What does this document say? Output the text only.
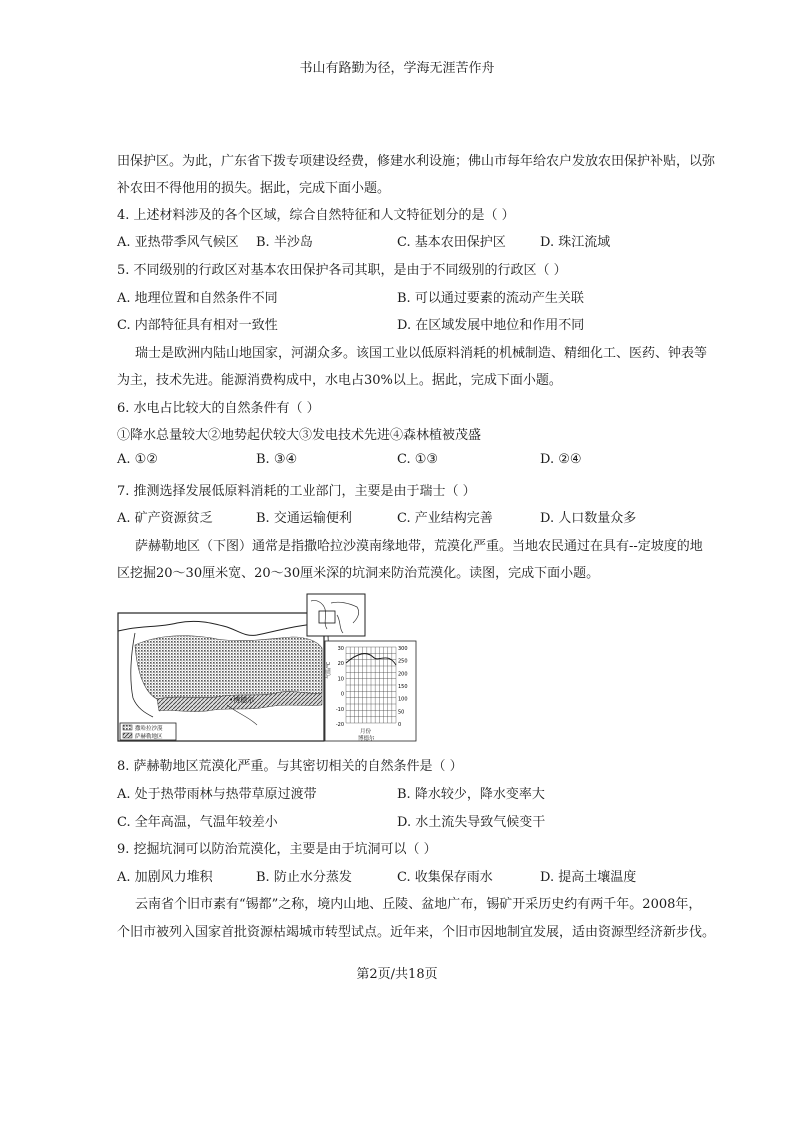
书山有路勤为径，学海无涯苦作舟
田保护区。为此，广东省下拨专项建设经费，修建水利设施；佛山市每年给农户发放农田保护补贴，以弥
补农田不得他用的损失。据此，完成下面小题。
4. 上述材料涉及的各个区域，综合自然特征和人文特征划分的是（ ）
A. 亚热带季风气候区 B. 半沙岛	C. 基本农田保护区	D. 珠江流域
5. 不同级别的行政区对基本农田保护各司其职，是由于不同级别的行政区（ ）
A. 地理位置和自然条件不同	B. 可以通过要素的流动产生关联
C. 内部特征具有相对一致性	D. 在区域发展中地位和作用不同
瑞士是欧洲内陆山地国家，河湖众多。该国工业以低原料消耗的机械制造、精细化工、医药、钟表等
为主，技术先进。能源消费构成中，水电占30%以上。据此，完成下面小题。
6. 水电占比较大的自然条件有（ ）
①降水总量较大②地势起伏较大③发电技术先进④森林植被茂盛
A. ①②	B. ③④	C. ①③	D. ②④
7. 推测选择发展低原料消耗的工业部门，主要是由于瑞士（ ）
A. 矿产资源贫乏	B. 交通运输便利	C. 产业结构完善	D. 人口数量众多
萨赫勒地区（下图）通常是指撒哈拉沙漠南缘地带，荒漠化严重。当地农民通过在具有--定坡度的地
区挖掘20～30厘米宽、20～30厘米深的坑洞来防治荒漠化。读图，完成下面小题。
•博德尔
撒哈拉沙漠
萨赫勒地区
气温/℃
月份
博德尔
30
20
10
0
-10
-20
300
250
200
150
100
50
0
8. 萨赫勒地区荒漠化严重。与其密切相关的自然条件是（ ）
A. 处于热带雨林与热带草原过渡带	B. 降水较少，降水变率大
C. 全年高温，气温年较差小	D. 水土流失导致气候变干
9. 挖掘坑洞可以防治荒漠化，主要是由于坑洞可以（ ）
A. 加剧风力堆积	B. 防止水分蒸发	C. 收集保存雨水	D. 提高土壤温度
云南省个旧市素有“锡都”之称，境内山地、丘陵、盆地广布，锡矿开采历史约有两千年。2008年，
个旧市被列入国家首批资源枯竭城市转型试点。近年来，个旧市因地制宜发展，适由资源型经济新步伐。
第2页/共18页
